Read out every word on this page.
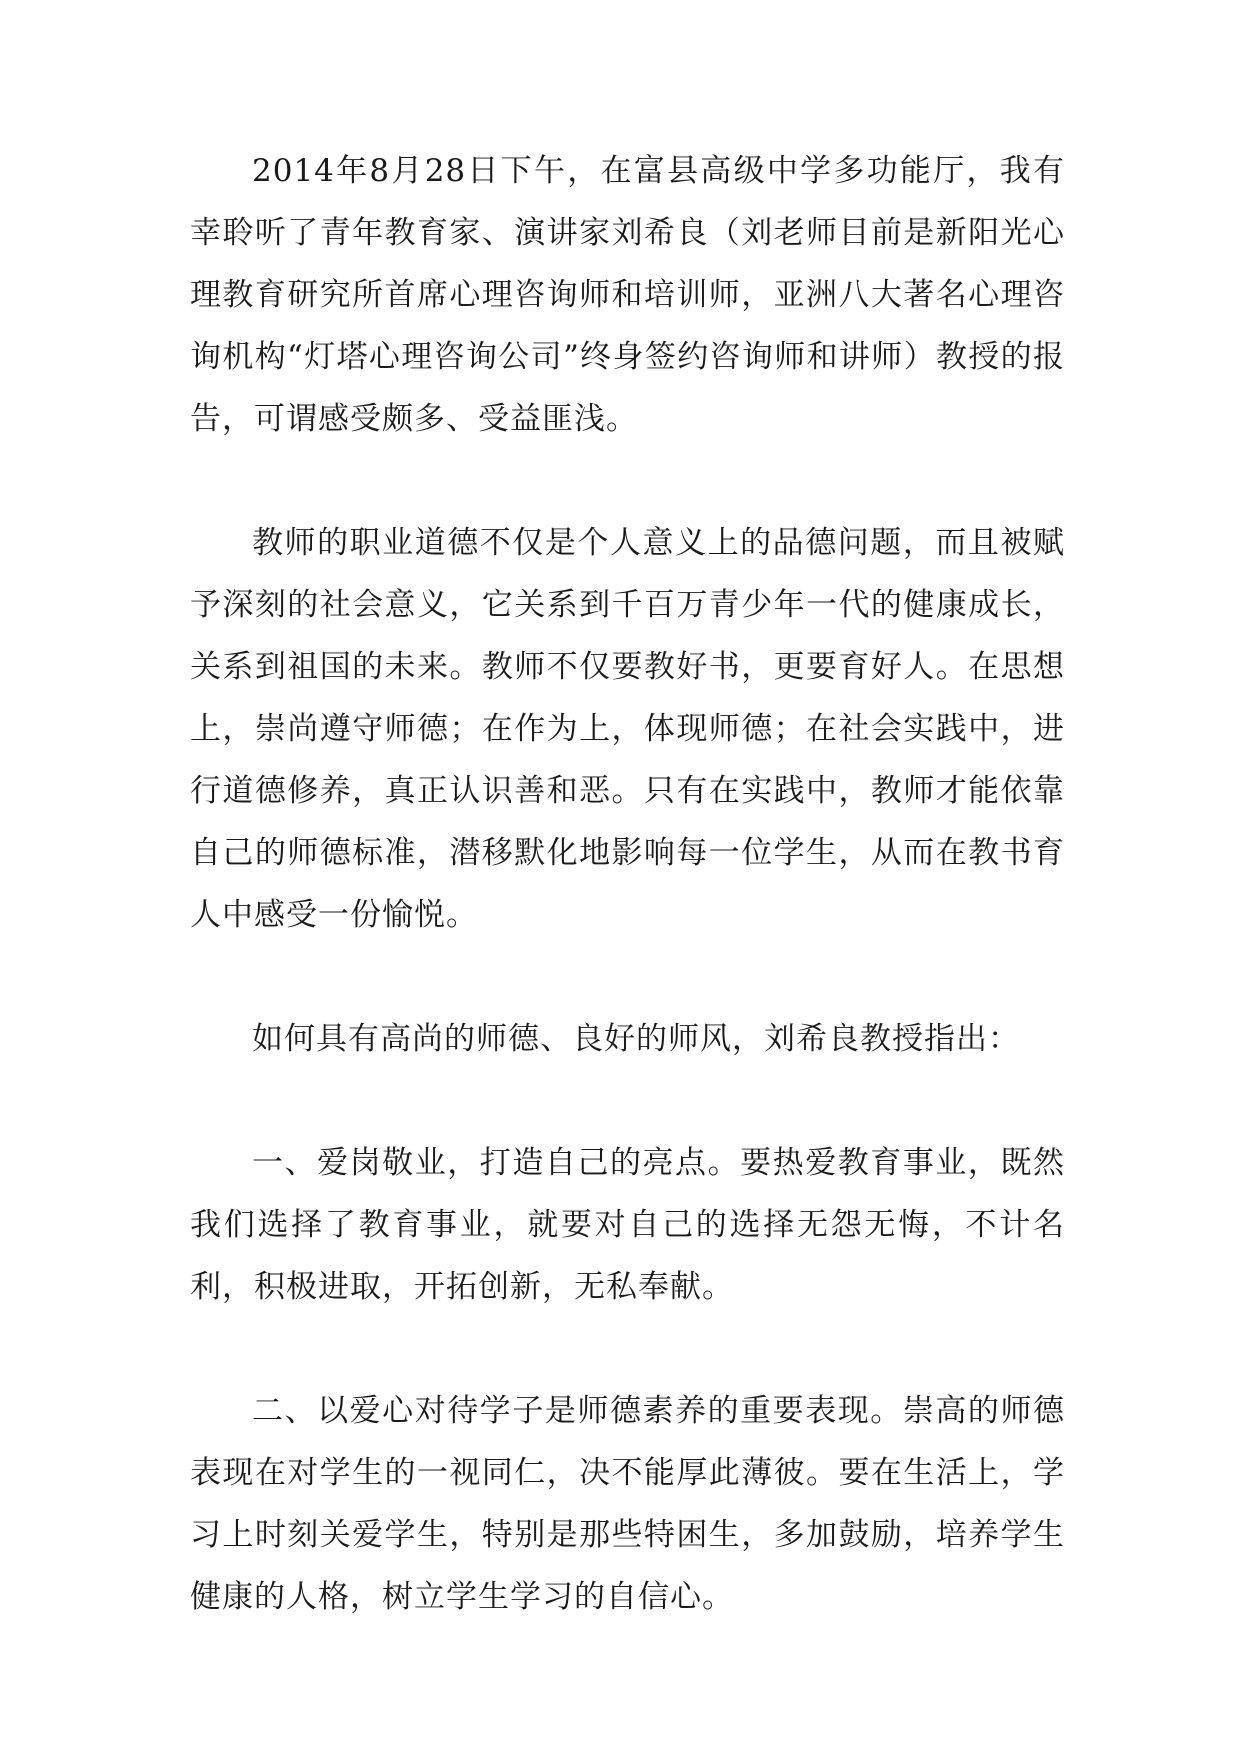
2014年8月28日下午，在富县高级中学多功能厅，我有幸聆听了青年教育家、演讲家刘希良（刘老师目前是新阳光心理教育研究所首席心理咨询师和培训师，亚洲八大著名心理咨询机构“灯塔心理咨询公司”终身签约咨询师和讲师）教授的报告，可谓感受颇多、受益匪浅。

教师的职业道德不仅是个人意义上的品德问题，而且被赋予深刻的社会意义，它关系到千百万青少年一代的健康成长，关系到祖国的未来。教师不仅要教好书，更要育好人。在思想上，崇尚遵守师德；在作为上，体现师德；在社会实践中，进行道德修养，真正认识善和恶。只有在实践中，教师才能依靠自己的师德标准，潜移默化地影响每一位学生，从而在教书育人中感受一份愉悦。

如何具有高尚的师德、良好的师风，刘希良教授指出：

一、爱岗敬业，打造自己的亮点。要热爱教育事业，既然我们选择了教育事业，就要对自己的选择无怨无悔，不计名利，积极进取，开拓创新，无私奉献。

二、以爱心对待学子是师德素养的重要表现。崇高的师德表现在对学生的一视同仁，决不能厚此薄彼。要在生活上，学习上时刻关爱学生，特别是那些特困生，多加鼓励，培养学生健康的人格，树立学生学习的自信心。
